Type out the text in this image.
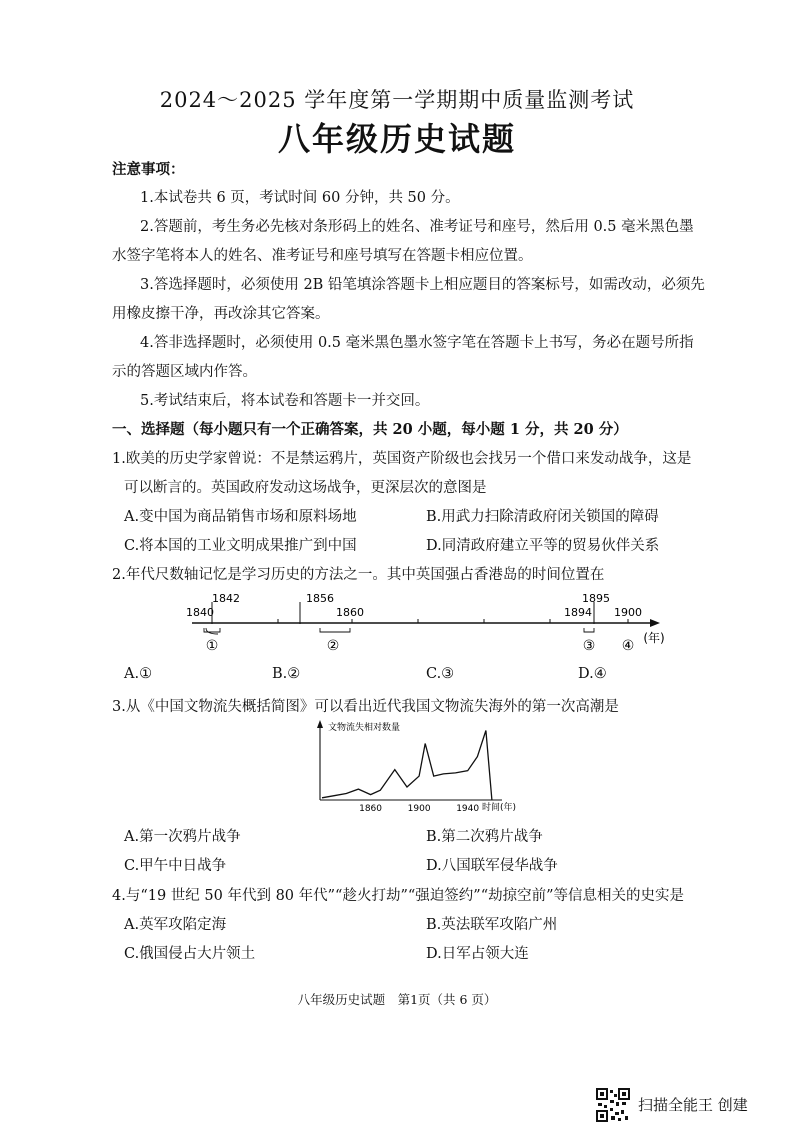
2024～2025 学年度第一学期期中质量监测考试
八年级历史试题
注意事项：
1.本试卷共 6 页，考试时间 60 分钟，共 50 分。
2.答题前，考生务必先核对条形码上的姓名、准考证号和座号，然后用 0.5 毫米黑色墨
水签字笔将本人的姓名、准考证号和座号填写在答题卡相应位置。
3.答选择题时，必须使用 2B 铅笔填涂答题卡上相应题目的答案标号，如需改动，必须先
用橡皮擦干净，再改涂其它答案。
4.答非选择题时，必须使用 0.5 毫米黑色墨水签字笔在答题卡上书写，务必在题号所指
示的答题区域内作答。
5.考试结束后，将本试卷和答题卡一并交回。
一、选择题（每小题只有一个正确答案，共 20 小题，每小题 1 分，共 20 分）
1.欧美的历史学家曾说：不是禁运鸦片，英国资产阶级也会找另一个借口来发动战争，这是
可以断言的。英国政府发动这场战争，更深层次的意图是
A.变中国为商品销售市场和原料场地	B.用武力扫除清政府闭关锁国的障碍
C.将本国的工业文明成果推广到中国	D.同清政府建立平等的贸易伙伴关系
2.年代尺数轴记忆是学习历史的方法之一。其中英国强占香港岛的时间位置在
1840
1842	1856
1860	1894
1895
1900
①	②	③ ④ (年)
A.①	B.②	C.③	D.④
3.从《中国文物流失概括简图》可以看出近代我国文物流失海外的第一次高潮是
文物流失相对数量
时间(年)
1860	1900	1940
A.第一次鸦片战争	B.第二次鸦片战争
C.甲午中日战争	D.八国联军侵华战争
4.与“19 世纪 50 年代到 80 年代”“趁火打劫”“强迫签约”“劫掠空前”等信息相关的史实是
A.英军攻陷定海	B.英法联军攻陷广州
C.俄国侵占大片领土	D.日军占领大连
八年级历史试题　第1页（共 6 页）
扫描全能王 创建
